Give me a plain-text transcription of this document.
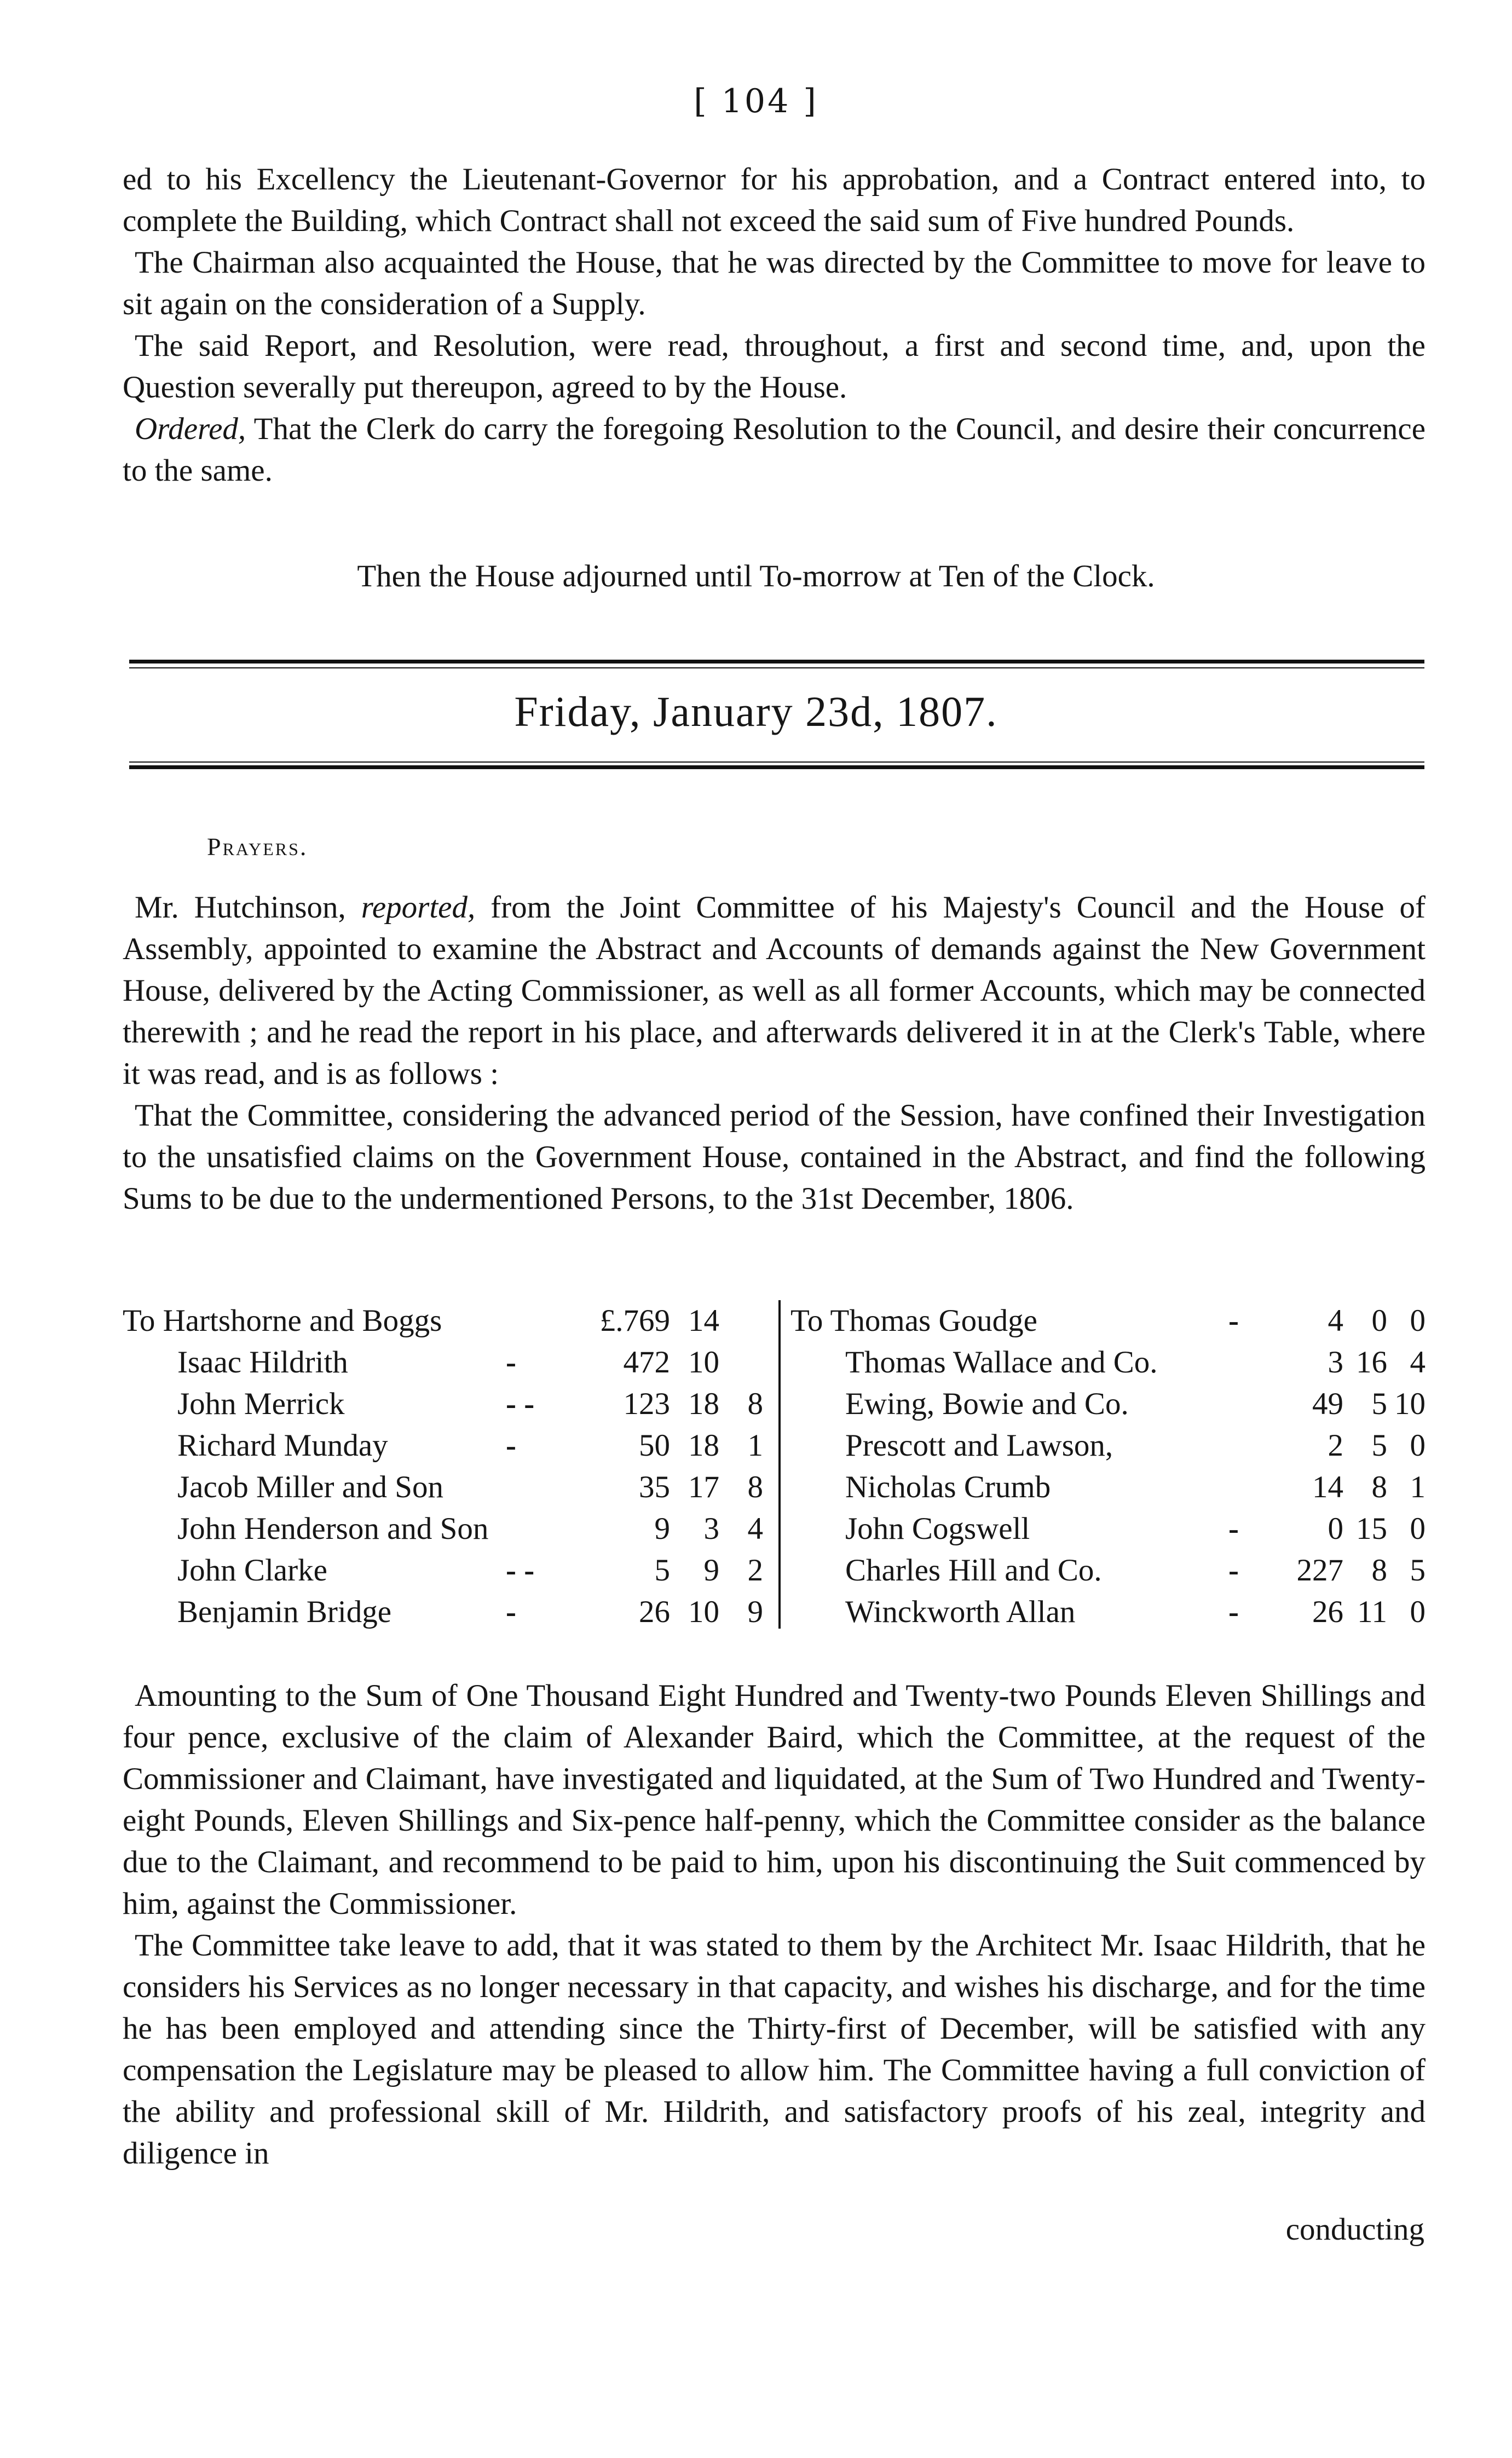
[ 104 ]

ed to his Excellency the Lieutenant-Governor for his approbation, and a Contract entered into, to complete the Building, which Contract shall not exceed the said sum of Five hundred Pounds.

The Chairman also acquainted the House, that he was directed by the Committee to move for leave to sit again on the consideration of a Supply.

The said Report, and Resolution, were read, throughout, a first and second time, and, upon the Question severally put thereupon, agreed to by the House.

Ordered, That the Clerk do carry the foregoing Resolution to the Council, and desire their concurrence to the same.

Then the House adjourned until To-morrow at Ten of the Clock.
Friday, January 23d, 1807.
Prayers.

Mr. Hutchinson, reported, from the Joint Committee of his Majesty's Council and the House of Assembly, appointed to examine the Abstract and Accounts of demands against the New Government House, delivered by the Acting Commissioner, as well as all former Accounts, which may be connected therewith ; and he read the report in his place, and afterwards delivered it in at the Clerk's Table, where it was read, and is as follows :

That the Committee, considering the advanced period of the Session, have confined their Investigation to the unsatisfied claims on the Government House, contained in the Abstract, and find the following Sums to be due to the undermentioned Persons, to the 31st December, 1806.

To Hartshorne and Boggs	£.769 14
Isaac Hildrith	-	472 10
John Merrick	- -	123 18 8
Richard Munday	-	50 18 1
Jacob Miller and Son	35 17 8
John Henderson and Son	9	3 4
John Clarke	- -	5	9 2
Benjamin Bridge	-	26 10 9
To Thomas Goudge	-	4 0 0
Thomas Wallace and Co.	3 16 4
Ewing, Bowie and Co.	49 5 10
Prescott and Lawson,	2 5 0
Nicholas Crumb	14 8 1
John Cogswell	-	0 15 0
Charles Hill and Co.	-	227 8 5
Winckworth Allan	-	26 11 0

Amounting to the Sum of One Thousand Eight Hundred and Twenty-two Pounds Eleven Shillings and four pence, exclusive of the claim of Alexander Baird, which the Committee, at the request of the Commissioner and Claimant, have investigated and liquidated, at the Sum of Two Hundred and Twenty-eight Pounds, Eleven Shillings and Six-pence half-penny, which the Committee consider as the balance due to the Claimant, and recommend to be paid to him, upon his discontinuing the Suit commenced by him, against the Commissioner.

The Committee take leave to add, that it was stated to them by the Architect Mr. Isaac Hildrith, that he considers his Services as no longer necessary in that capacity, and wishes his discharge, and for the time he has been employed and attending since the Thirty-first of December, will be satisfied with any compensation the Legislature may be pleased to allow him. The Committee having a full conviction of the ability and professional skill of Mr. Hildrith, and satisfactory proofs of his zeal, integrity and diligence in

conducting
